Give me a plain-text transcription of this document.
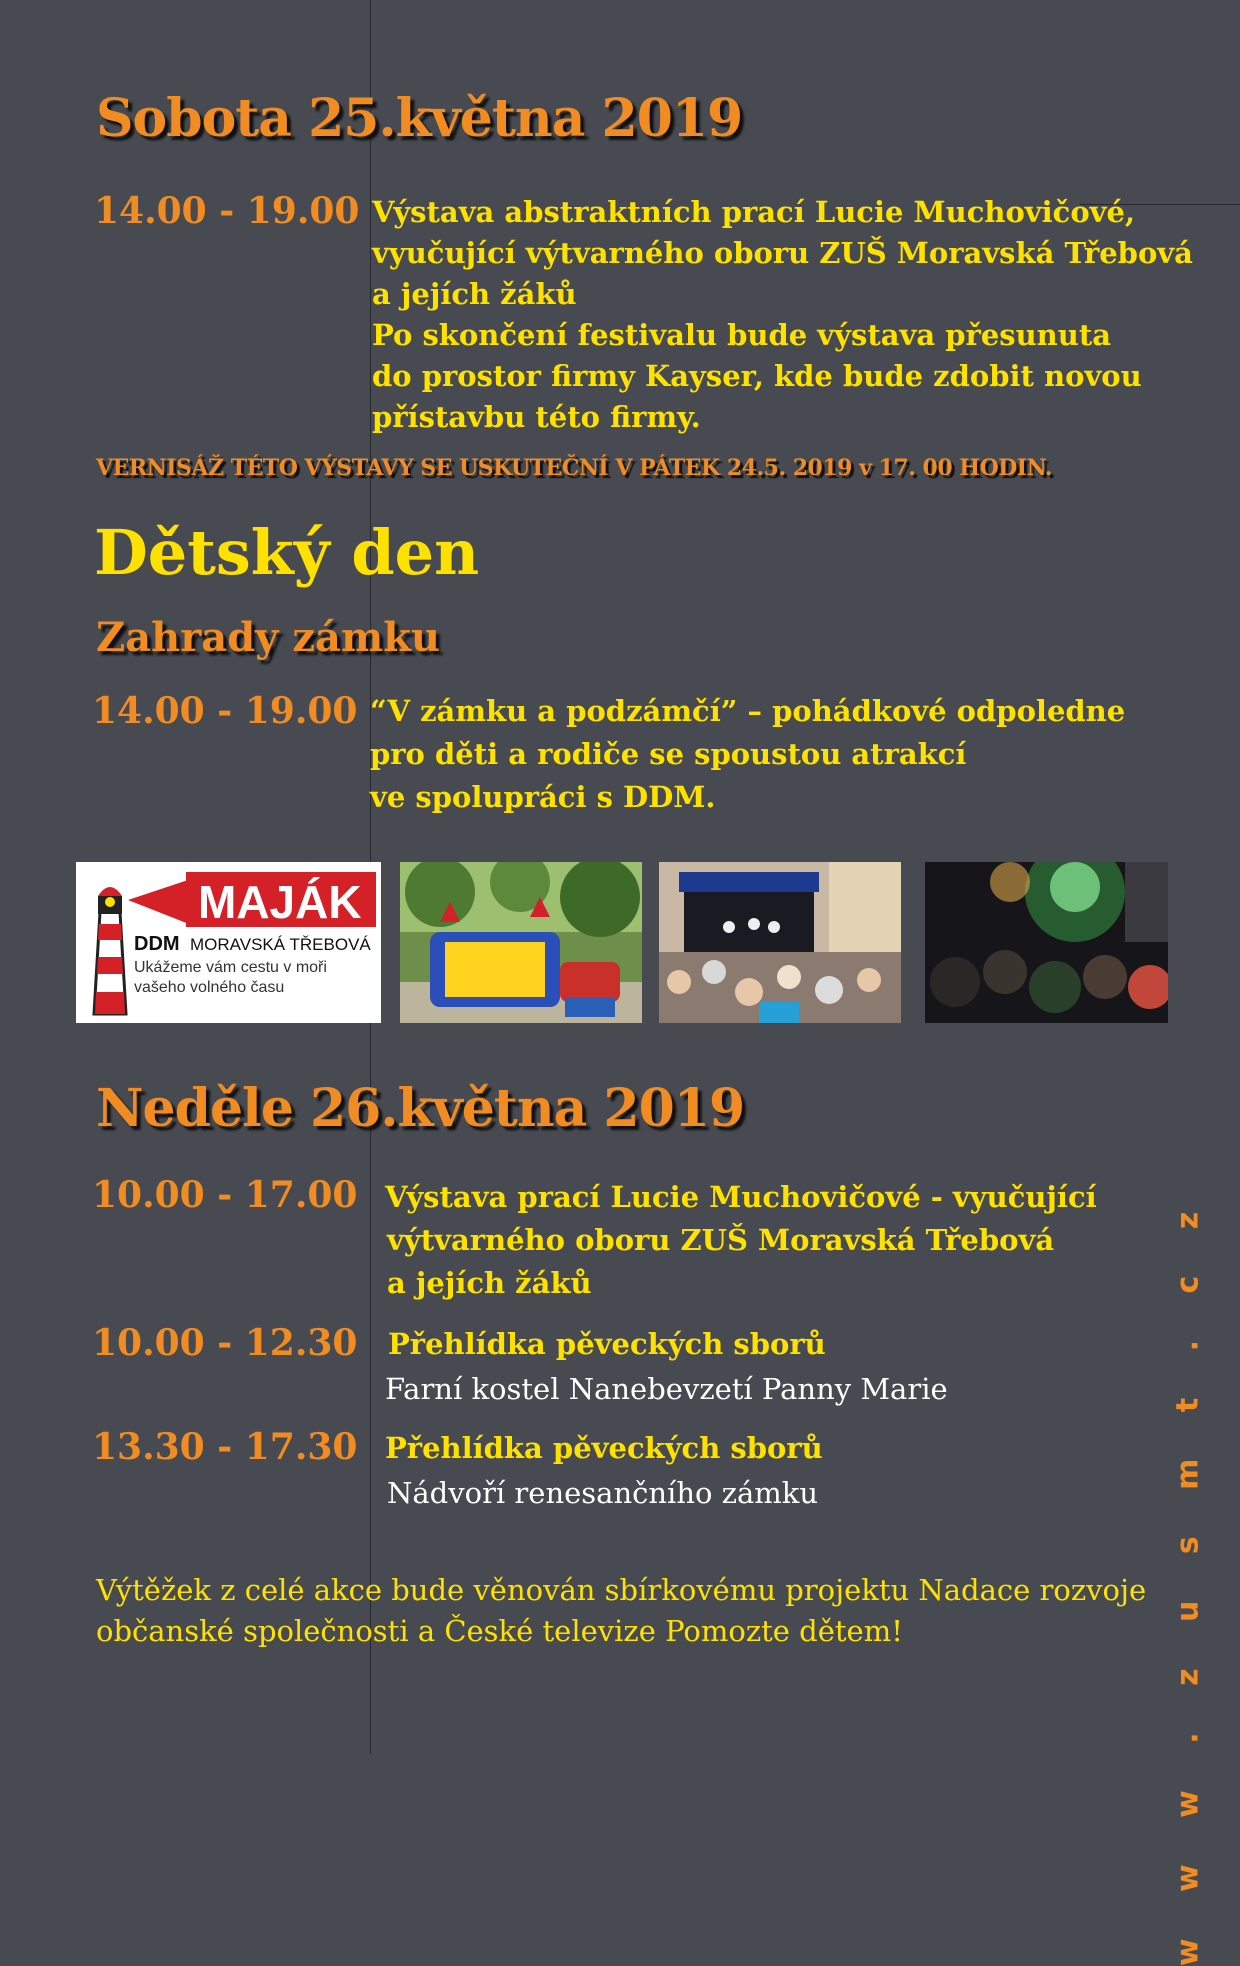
Sobota 25.května 2019
14.00 - 19.00 Výstava abstraktních prací Lucie Muchovičové,
vyučující výtvarného oboru ZUŠ Moravská Třebová
a jejích žáků
Po skončení festivalu bude výstava přesunuta
do prostor firmy Kayser, kde bude zdobit novou
přístavbu této firmy.
VERNISÁŽ TÉTO VÝSTAVY SE USKUTEČNÍ V PÁTEK 24.5. 2019 v 17. 00 HODIN.
Dětský den
Zahrady zámku
14.00 - 19.00 “V zámku a podzámčí” – pohádkové odpoledne
pro děti a rodiče se spoustou atrakcí
ve spolupráci s DDM.
MAJÁK
DDM MORAVSKÁ TŘEBOVÁ
Ukážeme vám cestu v moři
vašeho volného času
Neděle 26.května 2019
10.00 - 17.00 Výstava prací Lucie Muchovičové - vyučující
výtvarného oboru ZUŠ Moravská Třebová
a jejích žáků
10.00 - 12.30 Přehlídka pěveckých sborů
Farní kostel Nanebevzetí Panny Marie
13.30 - 17.30 Přehlídka pěveckých sborů
Nádvoří renesančního zámku
Výtěžek z celé akce bude věnován sbírkovému projektu Nadace rozvoje
občanské společnosti a České televize Pomozte dětem!	w w w . z u s m t . c z
